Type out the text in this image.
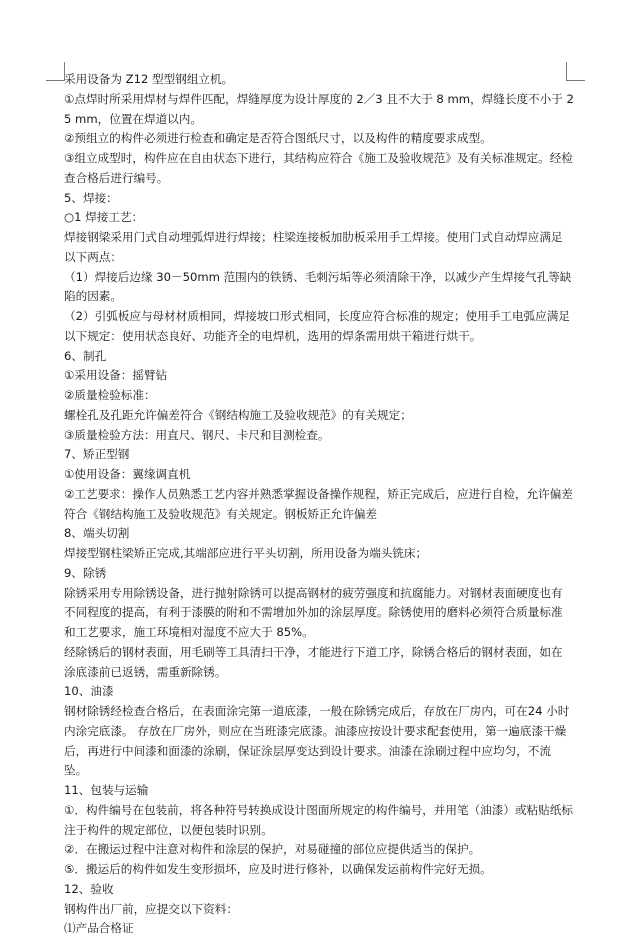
采用设备为 Z12 型型钢组立机。

①点焊时所采用焊材与焊件匹配，焊缝厚度为设计厚度的 2／3 且不大于 8 mm，焊缝长度不小于 25 mm，位置在焊道以内。

②预组立的构件必须进行检查和确定是否符合图纸尺寸，以及构件的精度要求成型。

③组立成型时，构件应在自由状态下进行，其结构应符合《施工及验收规范》及有关标准规定。经检查合格后进行编号。

5、焊接：

○1 焊接工艺：

焊接钢梁采用门式自动埋弧焊进行焊接；柱梁连接板加肋板采用手工焊接。使用门式自动焊应满足以下两点：

（1）焊接后边缘 30－50mm 范围内的铁锈、毛刺污垢等必须清除干净，以减少产生焊接气孔等缺陷的因素。

（2）引弧板应与母材材质相同，焊接坡口形式相同，长度应符合标准的规定；使用手工电弧应满足以下规定：使用状态良好、功能齐全的电焊机，选用的焊条需用烘干箱进行烘干。

6、制孔

①采用设备：摇臂钻

②质量检验标准：

螺栓孔及孔距允许偏差符合《钢结构施工及验收规范》的有关规定；

③质量检验方法：用直尺、钢尺、卡尺和目测检查。

7、矫正型钢

①使用设备：翼缘调直机

②工艺要求：操作人员熟悉工艺内容并熟悉掌握设备操作规程，矫正完成后，应进行自检，允许偏差符合《钢结构施工及验收规范》有关规定。钢板矫正允许偏差

8、端头切割

焊接型钢柱梁矫正完成,其端部应进行平头切割，所用设备为端头铣床；

9、除锈

除锈采用专用除锈设备，进行抛射除锈可以提高钢材的疲劳强度和抗腐能力。对钢材表面硬度也有不同程度的提高，有利于漆膜的附和不需增加外加的涂层厚度。除锈使用的磨料必须符合质量标准和工艺要求，施工环境相对湿度不应大于 85%。

经除锈后的钢材表面，用毛刷等工具清扫干净，才能进行下道工序，除锈合格后的钢材表面，如在涂底漆前已返锈，需重新除锈。

10、油漆

钢材除锈经检查合格后，在表面涂完第一道底漆，一般在除锈完成后，存放在厂房内，可在24 小时内涂完底漆。 存放在厂房外，则应在当班漆完底漆。油漆应按设计要求配套使用，第一遍底漆干燥后，再进行中间漆和面漆的涂刷，保证涂层厚变达到设计要求。油漆在涂刷过程中应均匀，不流坠。

11、包装与运输

①．构件编号在包装前，将各种符号转换成设计图面所规定的构件编号，并用笔（油漆）或粘贴纸标注于构件的规定部位，以便包装时识别。

②．在搬运过程中注意对构件和涂层的保护，对易碰撞的部位应提供适当的保护。

⑤．搬运后的构件如发生变形损坏，应及时进行修补，以确保发运前构件完好无损。

12、验收

钢构件出厂前，应提交以下资料：

⑴产品合格证
